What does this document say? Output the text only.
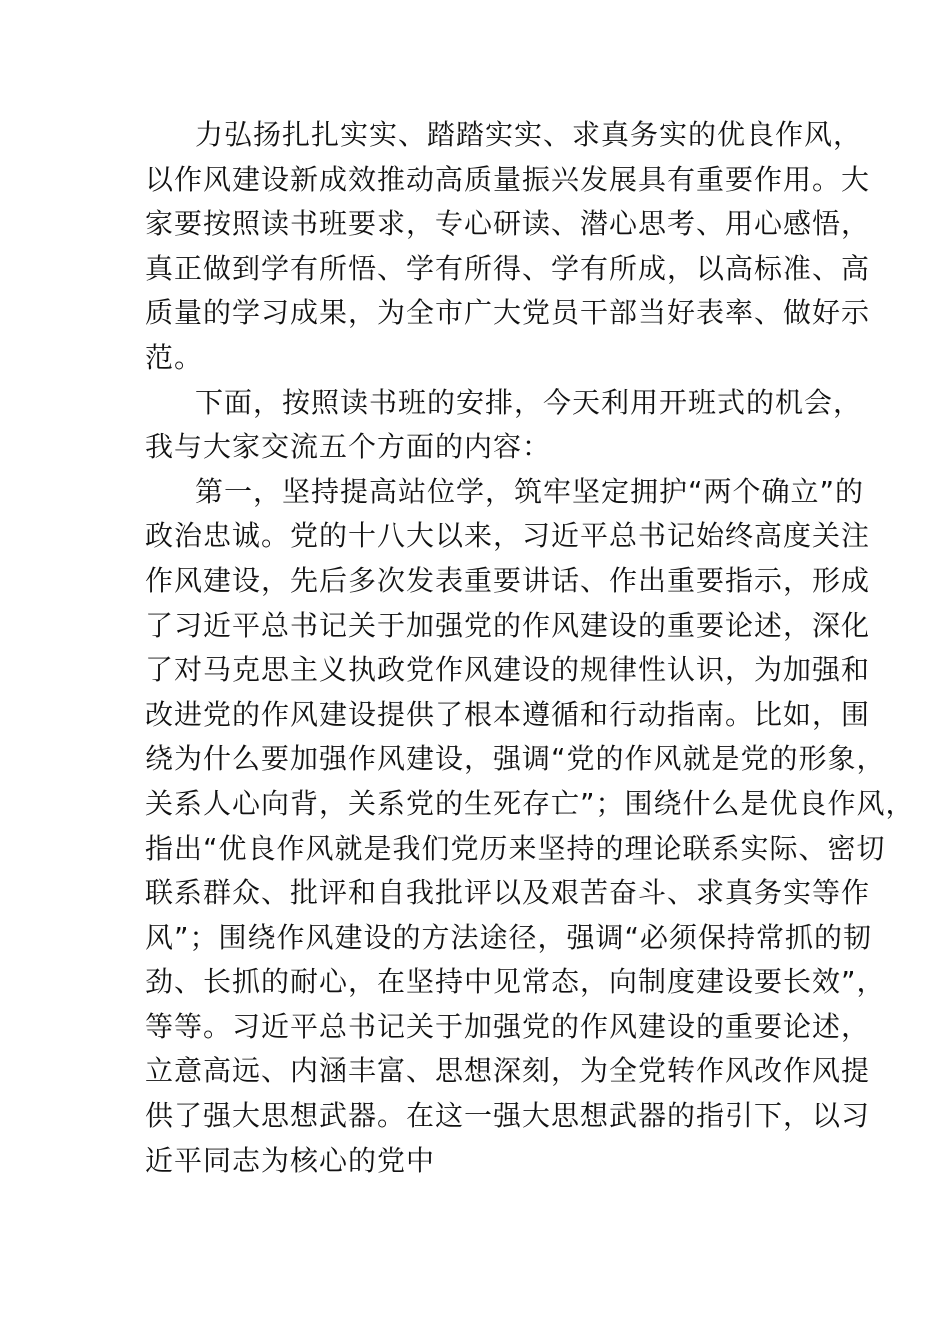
力弘扬扎扎实实、踏踏实实、求真务实的优良作风，
以作风建设新成效推动高质量振兴发展具有重要作用。大
家要按照读书班要求，专心研读、潜心思考、用心感悟，
真正做到学有所悟、学有所得、学有所成，以高标准、高
质量的学习成果，为全市广大党员干部当好表率、做好示
范。
下面，按照读书班的安排，今天利用开班式的机会，
我与大家交流五个方面的内容：
第一，坚持提高站位学，筑牢坚定拥护“两个确立”的
政治忠诚。党的十八大以来，习近平总书记始终高度关注
作风建设，先后多次发表重要讲话、作出重要指示，形成
了习近平总书记关于加强党的作风建设的重要论述，深化
了对马克思主义执政党作风建设的规律性认识，为加强和
改进党的作风建设提供了根本遵循和行动指南。比如，围
绕为什么要加强作风建设，强调“党的作风就是党的形象，
关系人心向背，关系党的生死存亡”；围绕什么是优良作风，
指出“优良作风就是我们党历来坚持的理论联系实际、密切
联系群众、批评和自我批评以及艰苦奋斗、求真务实等作
风”；围绕作风建设的方法途径，强调“必须保持常抓的韧
劲、长抓的耐心，在坚持中见常态，向制度建设要长效”，
等等。习近平总书记关于加强党的作风建设的重要论述，
立意高远、内涵丰富、思想深刻，为全党转作风改作风提
供了强大思想武器。在这一强大思想武器的指引下，以习
近平同志为核心的党中
